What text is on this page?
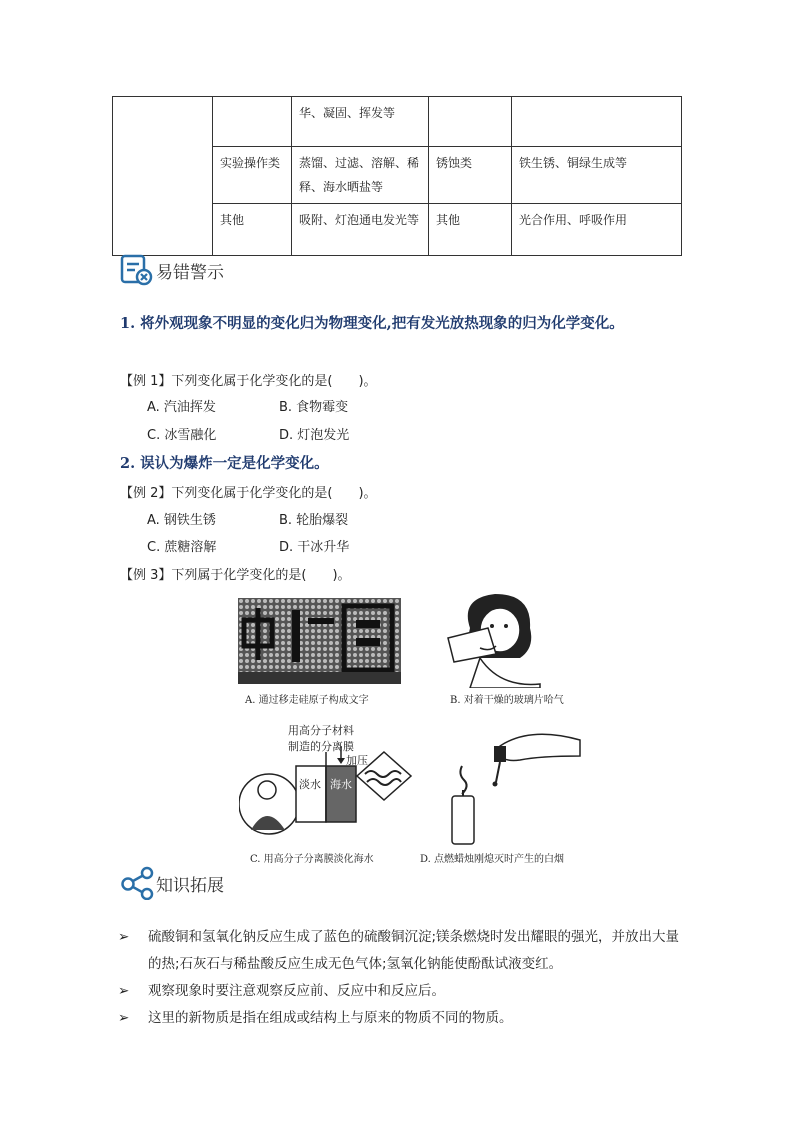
		华、凝固、挥发等		
	实验操作类	蒸馏、过滤、溶解、稀释、海水晒盐等	锈蚀类	铁生锈、铜绿生成等
	其他	吸附、灯泡通电发光等	其他	光合作用、呼吸作用
易错警示
1. 将外观现象不明显的变化归为物理变化,把有发光放热现象的归为化学变化。
【例 1】下列变化属于化学变化的是(　　)。
A. 汽油挥发	B. 食物霉变
C. 冰雪融化	D. 灯泡发光
2. 误认为爆炸一定是化学变化。
【例 2】下列变化属于化学变化的是(　　)。
A. 钢铁生锈	B. 轮胎爆裂
C. 蔗糖溶解	D. 干冰升华
【例 3】下列属于化学变化的是(　　)。
A. 通过移走硅原子构成文字	B. 对着干燥的玻璃片哈气
用高分子材料
制造的分离膜
加压
淡水 海水
C. 用高分子分离膜淡化海水	D. 点燃蜡烛刚熄灭时产生的白烟
知识拓展
➢ 硫酸铜和氢氧化钠反应生成了蓝色的硫酸铜沉淀;镁条燃烧时发出耀眼的强光，并放出大量的热;石灰石与稀盐酸反应生成无色气体;氢氧化钠能使酚酞试液变红。
➢ 观察现象时要注意观察反应前、反应中和反应后。
➢ 这里的新物质是指在组成或结构上与原来的物质不同的物质。
